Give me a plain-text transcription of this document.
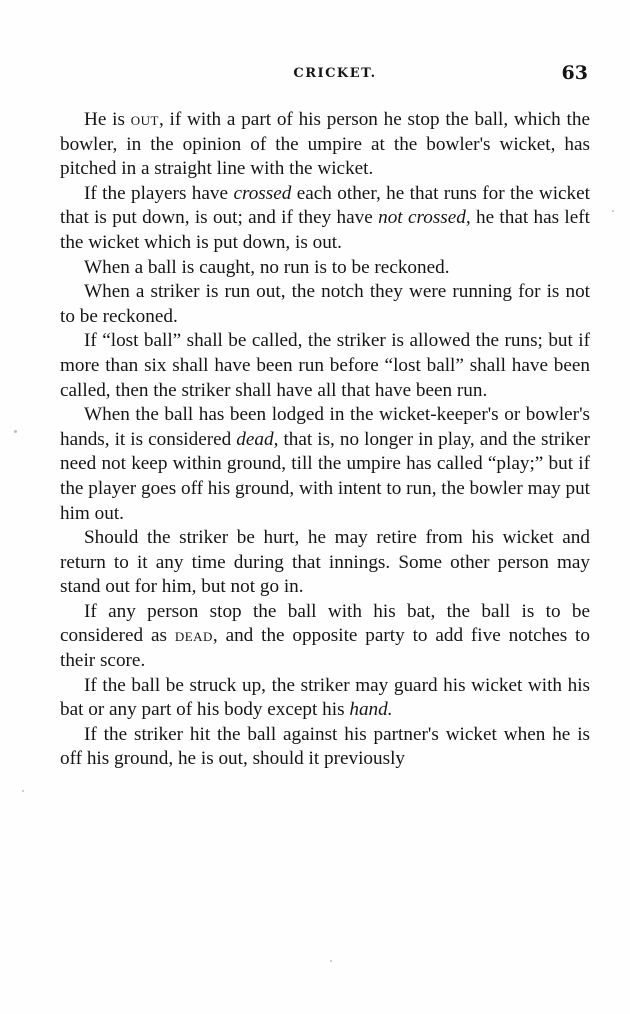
CRICKET.	63

He is out, if with a part of his person he stop the ball, which the bowler, in the opinion of the umpire at the bowler's wicket, has pitched in a straight line with the wicket.

If the players have crossed each other, he that runs for the wicket that is put down, is out; and if they have not crossed, he that has left the wicket which is put down, is out.

When a ball is caught, no run is to be reckoned.

When a striker is run out, the notch they were running for is not to be reckoned.

If “lost ball” shall be called, the striker is allowed the runs; but if more than six shall have been run before “lost ball” shall have been called, then the striker shall have all that have been run.

When the ball has been lodged in the wicket-keeper's or bowler's hands, it is considered dead, that is, no longer in play, and the striker need not keep within ground, till the umpire has called “play;” but if the player goes off his ground, with intent to run, the bowler may put him out.

Should the striker be hurt, he may retire from his wicket and return to it any time during that innings. Some other person may stand out for him, but not go in.

If any person stop the ball with his bat, the ball is to be considered as dead, and the opposite party to add five notches to their score.

If the ball be struck up, the striker may guard his wicket with his bat or any part of his body except his hand.

If the striker hit the ball against his partner's wicket when he is off his ground, he is out, should it previously
